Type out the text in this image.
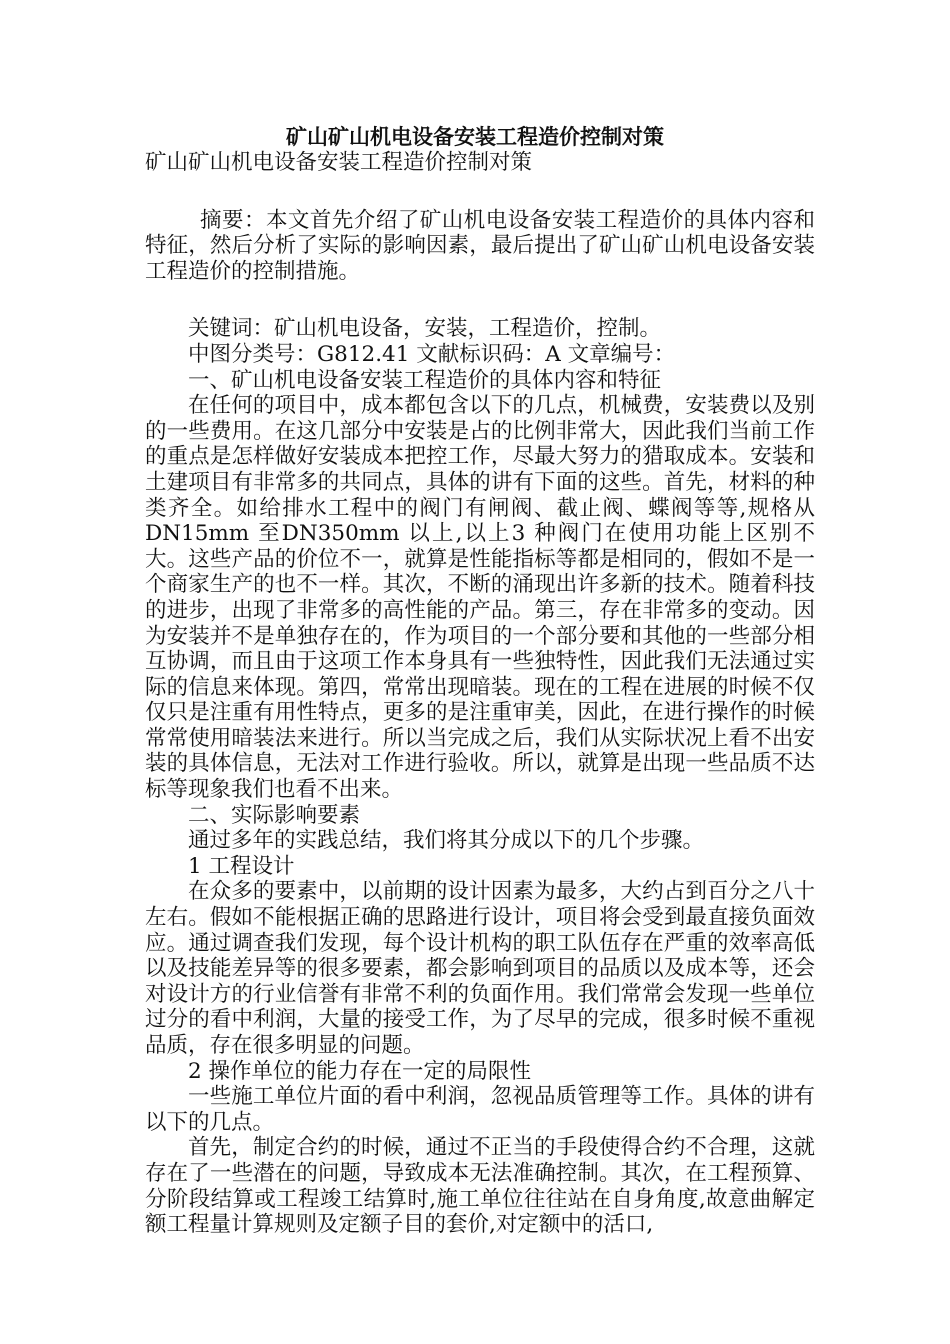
矿山矿山机电设备安装工程造价控制对策

矿山矿山机电设备安装工程造价控制对策

摘要：本文首先介绍了矿山机电设备安装工程造价的具体内容和特征，然后分析了实际的影响因素，最后提出了矿山矿山机电设备安装工程造价的控制措施。

关键词：矿山机电设备，安装，工程造价，控制。

中图分类号：G812.41 文献标识码：A 文章编号：

一、矿山机电设备安装工程造价的具体内容和特征

在任何的项目中，成本都包含以下的几点，机械费，安装费以及别的一些费用。在这几部分中安装是占的比例非常大，因此我们当前工作的重点是怎样做好安装成本把控工作，尽最大努力的猎取成本。安装和土建项目有非常多的共同点，具体的讲有下面的这些。首先，材料的种类齐全。如给排水工程中的阀门有闸阀、截止阀、蝶阀等等,规格从DN15mm 至DN350mm 以上,以上3 种阀门在使用功能上区别不大。这些产品的价位不一，就算是性能指标等都是相同的，假如不是一个商家生产的也不一样。其次，不断的涌现出许多新的技术。随着科技的进步，出现了非常多的高性能的产品。第三，存在非常多的变动。因为安装并不是单独存在的，作为项目的一个部分要和其他的一些部分相互协调，而且由于这项工作本身具有一些独特性，因此我们无法通过实际的信息来体现。第四，常常出现暗装。现在的工程在进展的时候不仅仅只是注重有用性特点，更多的是注重审美，因此，在进行操作的时候常常使用暗装法来进行。所以当完成之后，我们从实际状况上看不出安装的具体信息，无法对工作进行验收。所以，就算是出现一些品质不达标等现象我们也看不出来。

二、实际影响要素

通过多年的实践总结，我们将其分成以下的几个步骤。

1 工程设计

在众多的要素中，以前期的设计因素为最多，大约占到百分之八十左右。假如不能根据正确的思路进行设计，项目将会受到最直接负面效应。通过调查我们发现，每个设计机构的职工队伍存在严重的效率高低以及技能差异等的很多要素，都会影响到项目的品质以及成本等，还会对设计方的行业信誉有非常不利的负面作用。我们常常会发现一些单位过分的看中利润，大量的接受工作，为了尽早的完成，很多时候不重视品质，存在很多明显的问题。

2 操作单位的能力存在一定的局限性

一些施工单位片面的看中利润，忽视品质管理等工作。具体的讲有以下的几点。

首先，制定合约的时候，通过不正当的手段使得合约不合理，这就存在了一些潜在的问题，导致成本无法准确控制。其次，在工程预算、分阶段结算或工程竣工结算时,施工单位往往站在自身角度,故意曲解定额工程量计算规则及定额子目的套价,对定额中的活口,
